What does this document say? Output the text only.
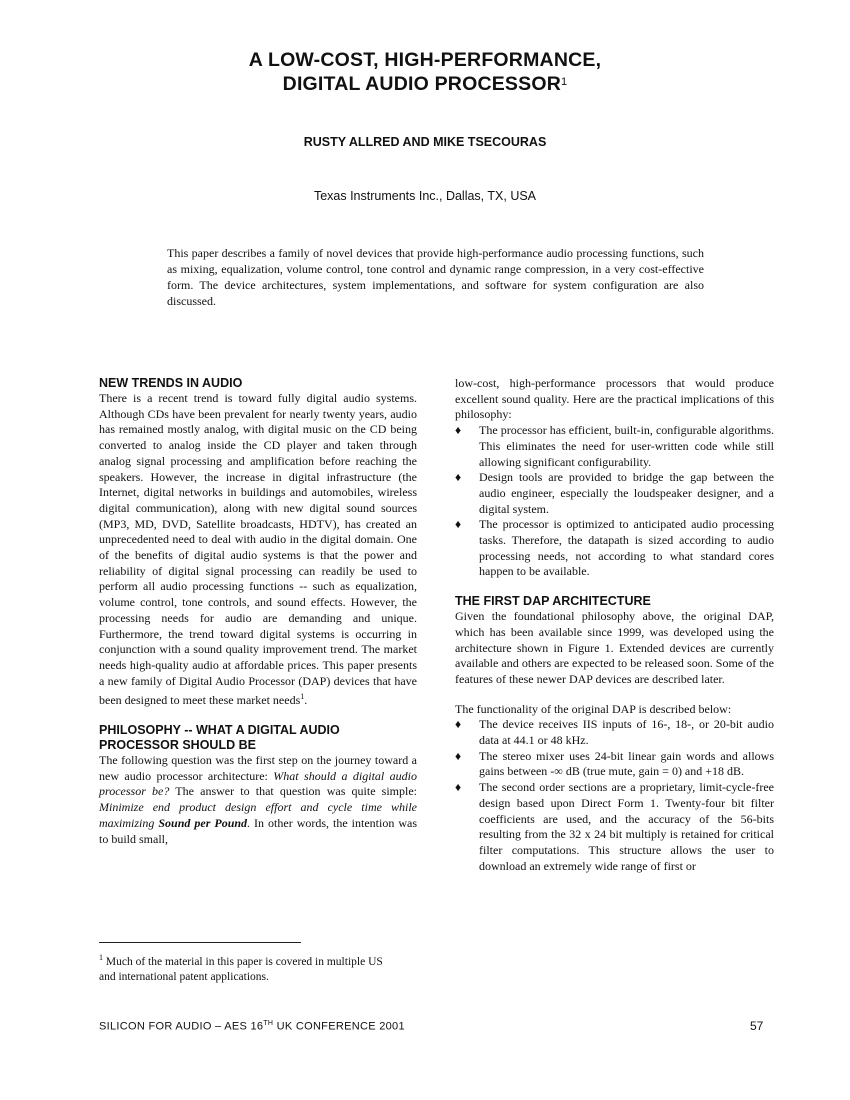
A LOW-COST, HIGH-PERFORMANCE,
DIGITAL AUDIO PROCESSOR$^1$
RUSTY ALLRED AND MIKE TSECOURAS
Texas Instruments Inc., Dallas, TX, USA
This paper describes a family of novel devices that provide high-performance audio processing functions, such as mixing, equalization, volume control, tone control and dynamic range compression, in a very cost-effective form. The device architectures, system implementations, and software for system configuration are also discussed.
NEW TRENDS IN AUDIO

There is a recent trend is toward fully digital audio systems. Although CDs have been prevalent for nearly twenty years, audio has remained mostly analog, with digital music on the CD being converted to analog inside the CD player and taken through analog signal processing and amplification before reaching the speakers. However, the increase in digital infrastructure (the Internet, digital networks in buildings and automobiles, wireless digital communication), along with new digital sound sources (MP3, MD, DVD, Satellite broadcasts, HDTV), has created an unprecedented need to deal with audio in the digital domain. One of the benefits of digital audio systems is that the power and reliability of digital signal processing can readily be used to perform all audio processing functions -- such as equalization, volume control, tone controls, and sound effects. However, the processing needs for audio are demanding and unique. Furthermore, the trend toward digital systems is occurring in conjunction with a sound quality improvement trend. The market needs high-quality audio at affordable prices. This paper presents a new family of Digital Audio Processor (DAP) devices that have been designed to meet these market needs$^1$.

PHILOSOPHY -- WHAT A DIGITAL AUDIO
PROCESSOR SHOULD BE

The following question was the first step on the journey toward a new audio processor architecture: What should a digital audio processor be? The answer to that question was quite simple: Minimize end product design effort and cycle time while maximizing Sound per Pound. In other words, the intention was to build small,

$^1$ Much of the material in this paper is covered in multiple US and international patent applications.

low-cost, high-performance processors that would produce excellent sound quality. Here are the practical implications of this philosophy:

♦ The processor has efficient, built-in, configurable algorithms. This eliminates the need for user-written code while still allowing significant configurability.
♦ Design tools are provided to bridge the gap between the audio engineer, especially the loudspeaker designer, and a digital system.
♦ The processor is optimized to anticipated audio processing tasks. Therefore, the datapath is sized according to audio processing needs, not according to what standard cores happen to be available.
THE FIRST DAP ARCHITECTURE

Given the foundational philosophy above, the original DAP, which has been available since 1999, was developed using the architecture shown in Figure 1. Extended devices are currently available and others are expected to be released soon. Some of the features of these newer DAP devices are described later.

The functionality of the original DAP is described below:

♦ The device receives IIS inputs of 16-, 18-, or 20-bit audio data at 44.1 or 48 kHz.
♦ The stereo mixer uses 24-bit linear gain words and allows gains between -∞ dB (true mute, gain = 0) and +18 dB.
♦ The second order sections are a proprietary, limit-cycle-free design based upon Direct Form 1. Twenty-four bit filter coefficients are used, and the accuracy of the 56-bits resulting from the 32 x 24 bit multiply is retained for critical filter computations. This structure allows the user to download an extremely wide range of first or
SILICON FOR AUDIO – AES 16TH UK CONFERENCE 2001	57
